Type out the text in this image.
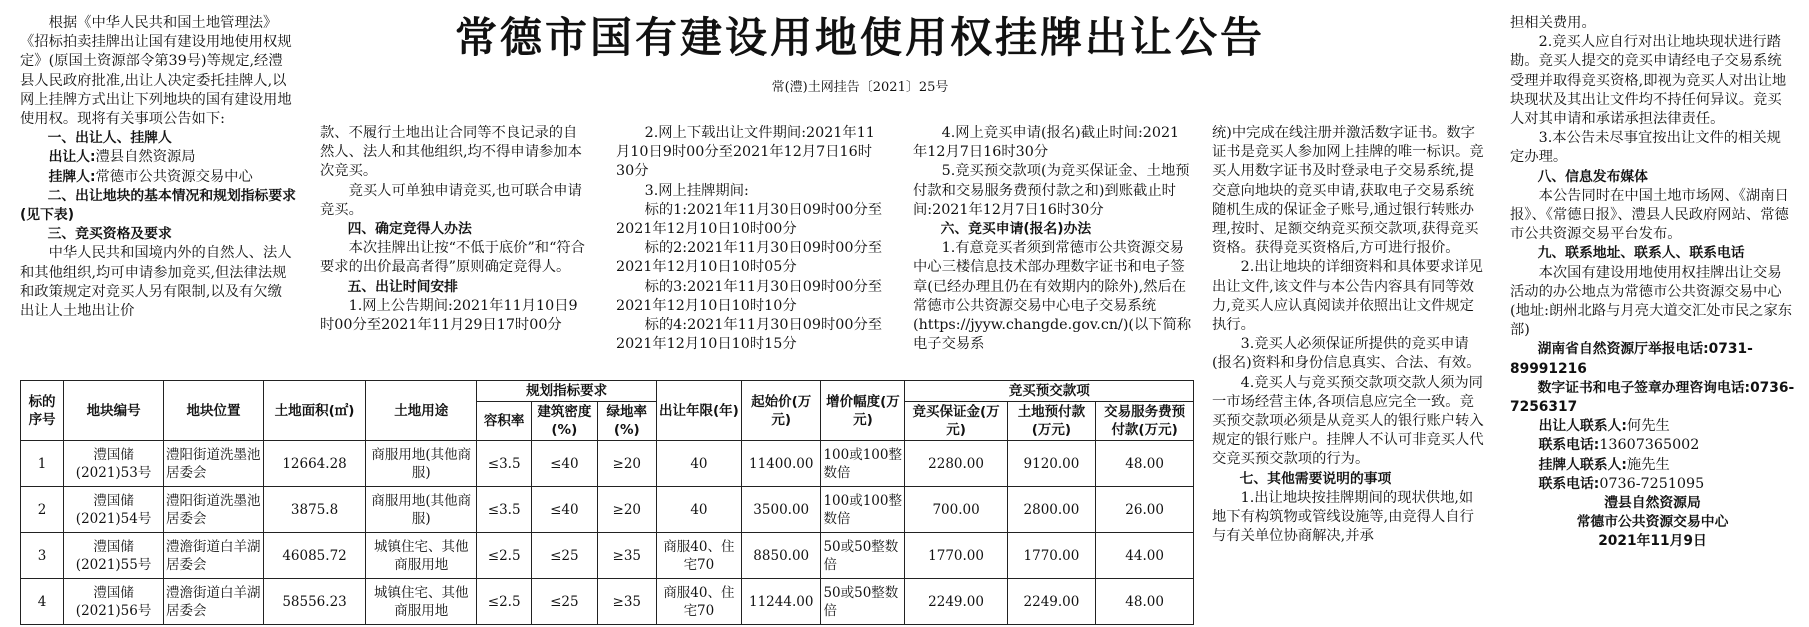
常德市国有建设用地使用权挂牌出让公告
常(澧)土网挂告〔2021〕25号

根据《中华人民共和国土地管理法》《招标拍卖挂牌出让国有建设用地使用权规定》(原国土资源部令第39号)等规定,经澧县人民政府批准,出让人决定委托挂牌人,以网上挂牌方式出让下列地块的国有建设用地使用权。现将有关事项公告如下:

一、出让人、挂牌人

出让人:澧县自然资源局

挂牌人:常德市公共资源交易中心

二、出让地块的基本情况和规划指标要求(见下表)

三、竞买资格及要求

中华人民共和国境内外的自然人、法人和其他组织,均可申请参加竞买,但法律法规和政策规定对竞买人另有限制,以及有欠缴出让人土地出让价

款、不履行土地出让合同等不良记录的自然人、法人和其他组织,均不得申请参加本次竞买。

竞买人可单独申请竞买,也可联合申请竞买。

四、确定竞得人办法

本次挂牌出让按“不低于底价”和“符合要求的出价最高者得”原则确定竞得人。

五、出让时间安排

1.网上公告期间:2021年11月10日9时00分至2021年11月29日17时00分

2.网上下载出让文件期间:2021年11月10日9时00分至2021年12月7日16时30分

3.网上挂牌期间:

标的1:2021年11月30日09时00分至2021年12月10日10时00分

标的2:2021年11月30日09时00分至2021年12月10日10时05分

标的3:2021年11月30日09时00分至2021年12月10日10时10分

标的4:2021年11月30日09时00分至2021年12月10日10时15分

4.网上竞买申请(报名)截止时间:2021年12月7日16时30分

5.竞买预交款项(为竞买保证金、土地预付款和交易服务费预付款之和)到账截止时间:2021年12月7日16时30分

六、竞买申请(报名)办法

1.有意竞买者须到常德市公共资源交易中心三楼信息技术部办理数字证书和电子签章(已经办理且仍在有效期内的除外),然后在常德市公共资源交易中心电子交易系统(https://jyyw.changde.gov.cn/)(以下简称电子交易系

统)中完成在线注册并激活数字证书。数字证书是竞买人参加网上挂牌的唯一标识。竞买人用数字证书及时登录电子交易系统,提交意向地块的竞买申请,获取电子交易系统随机生成的保证金子账号,通过银行转账办理,按时、足额交纳竞买预交款项,获得竞买资格。获得竞买资格后,方可进行报价。

2.出让地块的详细资料和具体要求详见出让文件,该文件与本公告内容具有同等效力,竞买人应认真阅读并依照出让文件规定执行。

3.竞买人必须保证所提供的竞买申请(报名)资料和身份信息真实、合法、有效。

4.竞买人与竞买预交款项交款人须为同一市场经营主体,各项信息应完全一致。竞买预交款项必须是从竞买人的银行账户转入规定的银行账户。挂牌人不认可非竞买人代交竞买预交款项的行为。

七、其他需要说明的事项

1.出让地块按挂牌期间的现状供地,如地下有构筑物或管线设施等,由竞得人自行与有关单位协商解决,并承

担相关费用。

2.竞买人应自行对出让地块现状进行踏勘。竞买人提交的竞买申请经电子交易系统受理并取得竞买资格,即视为竞买人对出让地块现状及其出让文件均不持任何异议。竞买人对其申请和承诺承担法律责任。

3.本公告未尽事宜按出让文件的相关规定办理。

八、信息发布媒体

本公告同时在中国土地市场网、《湖南日报》、《常德日报》、澧县人民政府网站、常德市公共资源交易平台发布。

九、联系地址、联系人、联系电话

本次国有建设用地使用权挂牌出让交易活动的办公地点为常德市公共资源交易中心(地址:朗州北路与月亮大道交汇处市民之家东部)

湖南省自然资源厅举报电话:0731-89991216

数字证书和电子签章办理咨询电话:0736-7256317

出让人联系人:何先生

联系电话:13607365002

挂牌人联系人:施先生

联系电话:0736-7251095

澧县自然资源局

常德市公共资源交易中心

2021年11月9日

标的序号	地块编号	地块位置	土地面积(㎡)	土地用途	规划指标要求			出让年限(年)	起始价(万元)	增价幅度(万元)	竞买预交款项		
					容积率	建筑密度(%)	绿地率(%)				竞买保证金(万元)	土地预付款(万元)	交易服务费预付款(万元)
1	澧国储(2021)53号	澧阳街道洗墨池居委会	12664.28	商服用地(其他商服)	≤3.5	≤40	≥20	40	11400.00	100或100整数倍	2280.00	9120.00	48.00
2	澧国储(2021)54号	澧阳街道洗墨池居委会	3875.8	商服用地(其他商服)	≤3.5	≤40	≥20	40	3500.00	100或100整数倍	700.00	2800.00	26.00
3	澧国储(2021)55号	澧澹街道白羊湖居委会	46085.72	城镇住宅、其他商服用地	≤2.5	≤25	≥35	商服40、住宅70	8850.00	50或50整数倍	1770.00	1770.00	44.00
4	澧国储(2021)56号	澧澹街道白羊湖居委会	58556.23	城镇住宅、其他商服用地	≤2.5	≤25	≥35	商服40、住宅70	11244.00	50或50整数倍	2249.00	2249.00	48.00
